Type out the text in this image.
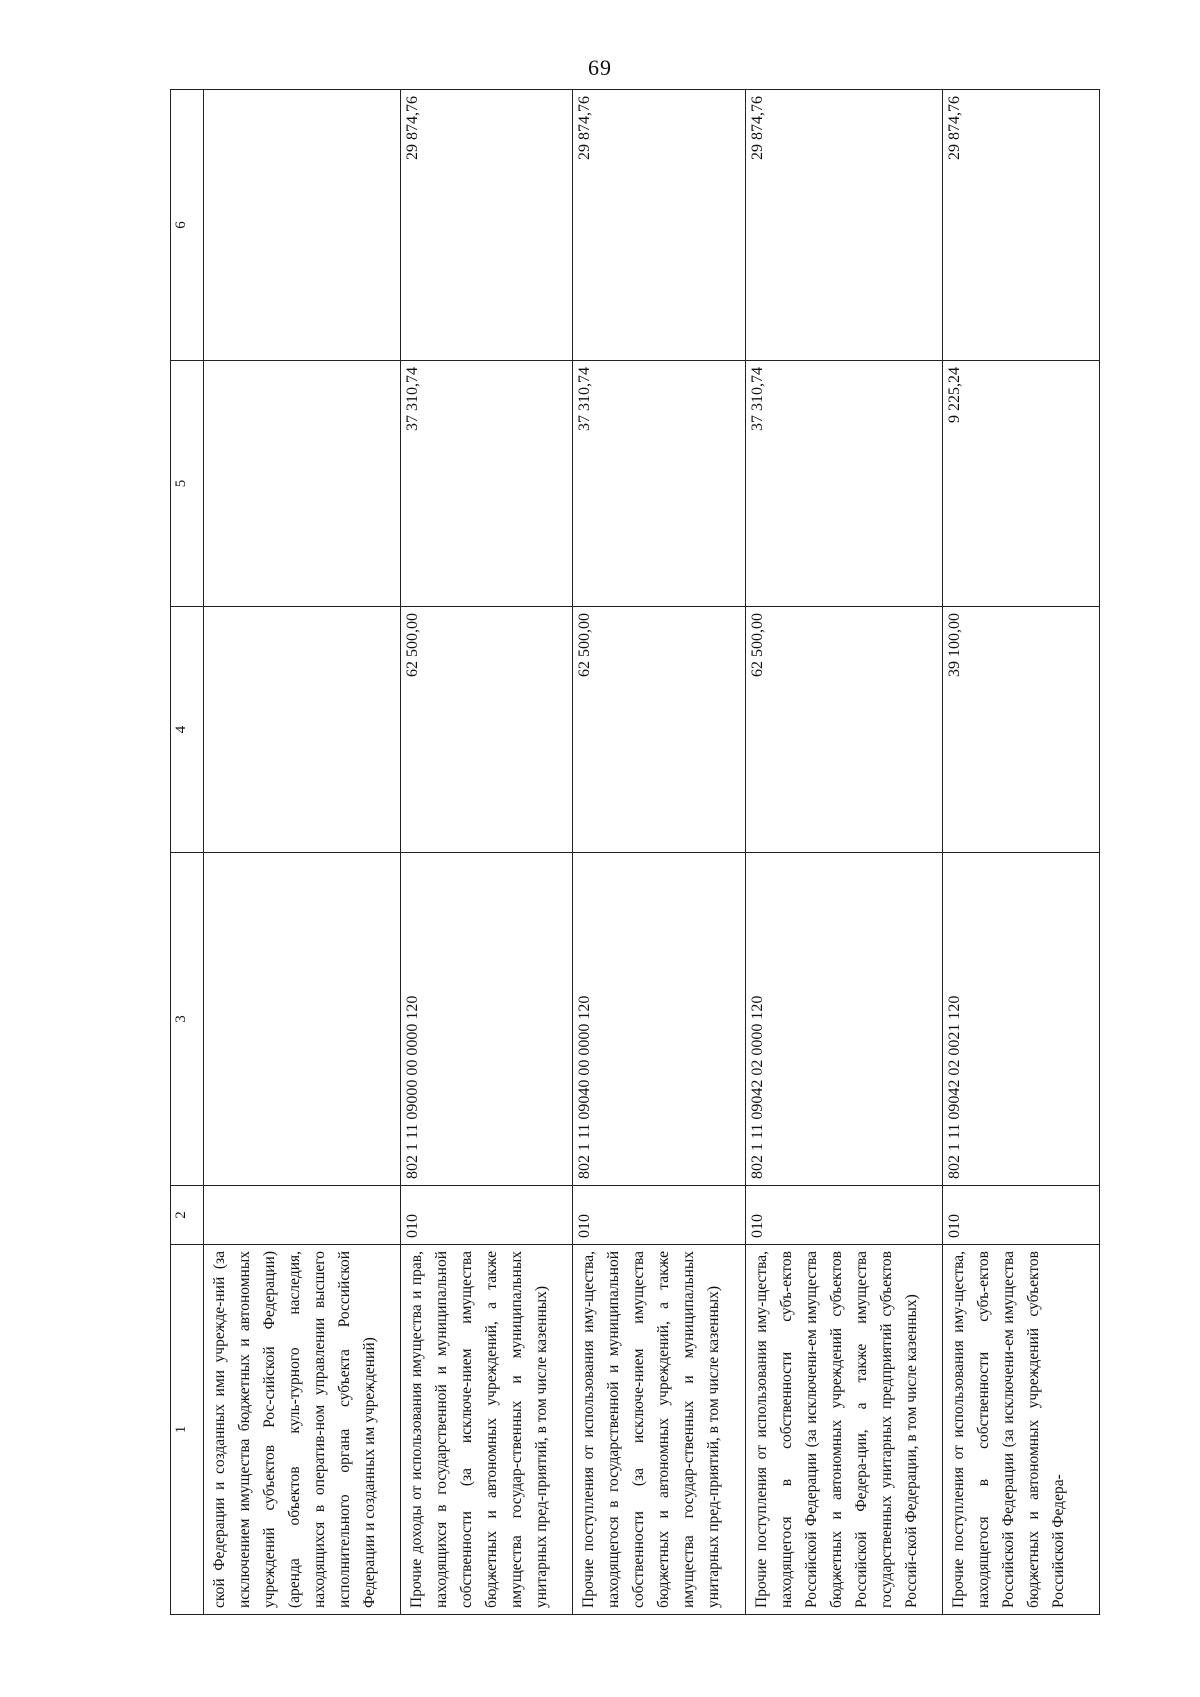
69
1	2	3	4	5	6
ской Федерации и созданных ими учрежде-ний (за исключением имущества бюджетных и автономных учреждений субъектов Рос-сийской Федерации) (аренда объектов куль-турного наследия, находящихся в оператив-ном управлении высшего исполнительного органа субъекта Российской Федерации и созданных им учреждений)					
Прочие доходы от использования имущества и прав, находящихся в государственной и муниципальной собственности (за исключе-нием имущества бюджетных и автономных учреждений, а также имущества государ-ственных и муниципальных унитарных пред-приятий, в том числе казенных)	010	802 1 11 09000 00 0000 120	62 500,00	37 310,74	29 874,76
Прочие поступления от использования иму-щества, находящегося в государственной и муниципальной собственности (за исключе-нием имущества бюджетных и автономных учреждений, а также имущества государ-ственных и муниципальных унитарных пред-приятий, в том числе казенных)	010	802 1 11 09040 00 0000 120	62 500,00	37 310,74	29 874,76
Прочие поступления от использования иму-щества, находящегося в собственности субъ-ектов Российской Федерации (за исключени-ем имущества бюджетных и автономных учреждений субъектов Российской Федера-ции, а также имущества государственных унитарных предприятий субъектов Россий-ской Федерации, в том числе казенных)	010	802 1 11 09042 02 0000 120	62 500,00	37 310,74	29 874,76
Прочие поступления от использования иму-щества, находящегося в собственности субъ-ектов Российской Федерации (за исключени-ем имущества бюджетных и автономных учреждений субъектов Российской Федера-	010	802 1 11 09042 02 0021 120	39 100,00	9 225,24	29 874,76
